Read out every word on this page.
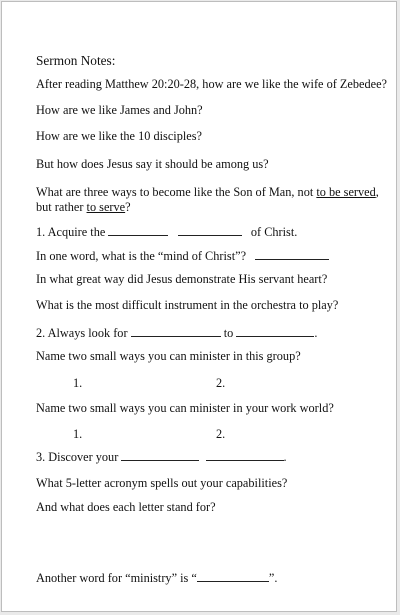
Sermon Notes:
After reading Matthew 20:20-28, how are we like the wife of Zebedee?
How are we like James and John?
How are we like the 10 disciples?
But how does Jesus say it should be among us?
What are three ways to become like the Son of Man, not to be served,
but rather to serve?
1. Acquire the	of Christ.
In one word, what is the “mind of Christ”?
In what great way did Jesus demonstrate His servant heart?
What is the most difficult instrument in the orchestra to play?
2. Always look for	to	.
Name two small ways you can minister in this group?
1.	2.
Name two small ways you can minister in your work world?
1.	2.
3. Discover your	.
What 5-letter acronym spells out your capabilities?
And what does each letter stand for?
Another word for “ministry” is “	”.
